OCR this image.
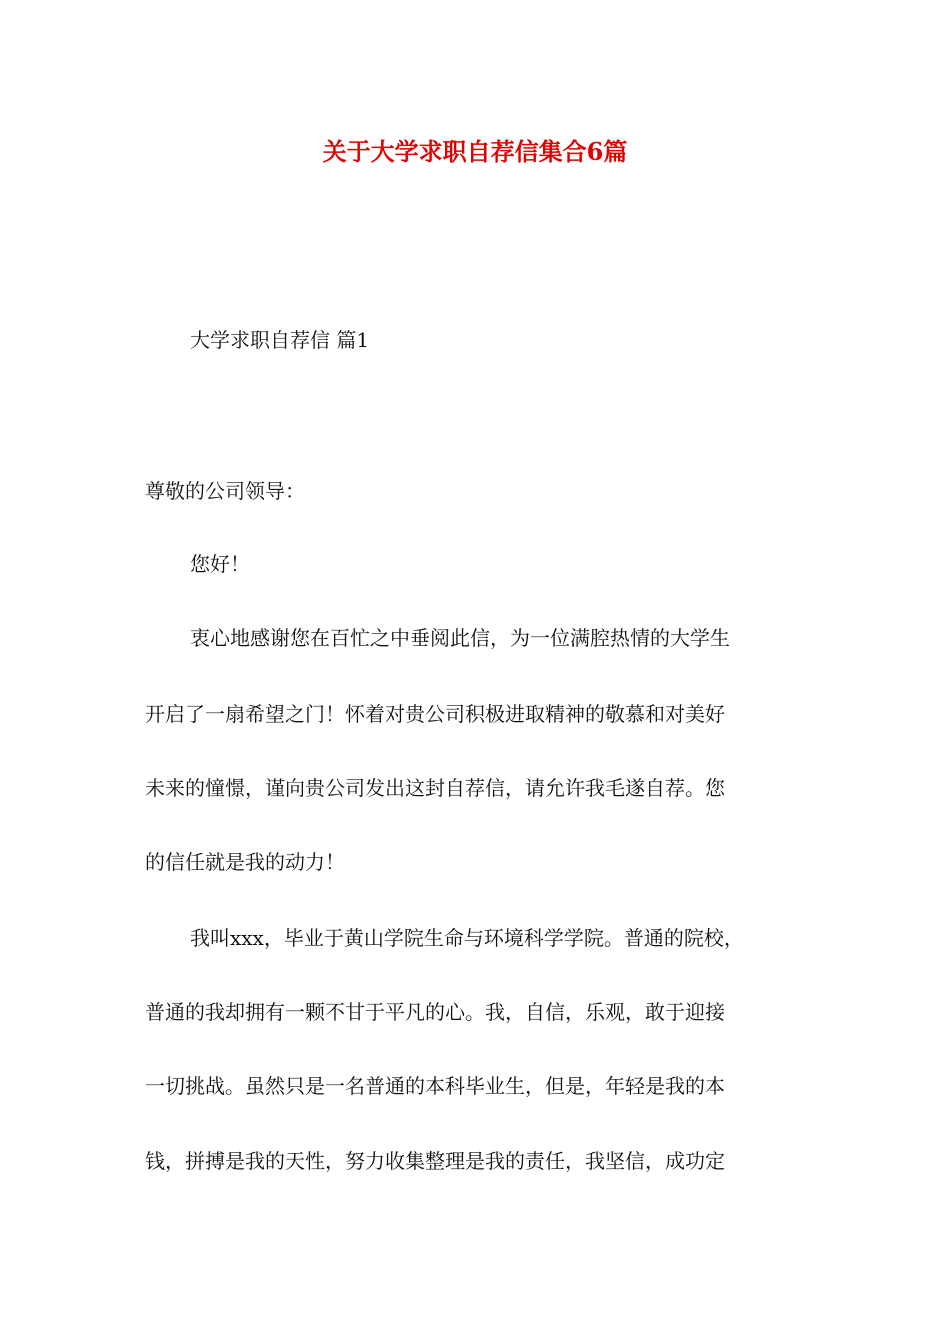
关于大学求职自荐信集合6篇
大学求职自荐信 篇1
尊敬的公司领导：
您好！
衷心地感谢您在百忙之中垂阅此信，为一位满腔热情的大学生
开启了一扇希望之门！怀着对贵公司积极进取精神的敬慕和对美好
未来的憧憬，谨向贵公司发出这封自荐信，请允许我毛遂自荐。您
的信任就是我的动力！
我叫xxx，毕业于黄山学院生命与环境科学学院。普通的院校，
普通的我却拥有一颗不甘于平凡的心。我，自信，乐观，敢于迎接
一切挑战。虽然只是一名普通的本科毕业生，但是，年轻是我的本
钱，拼搏是我的天性，努力收集整理是我的责任，我坚信，成功定
